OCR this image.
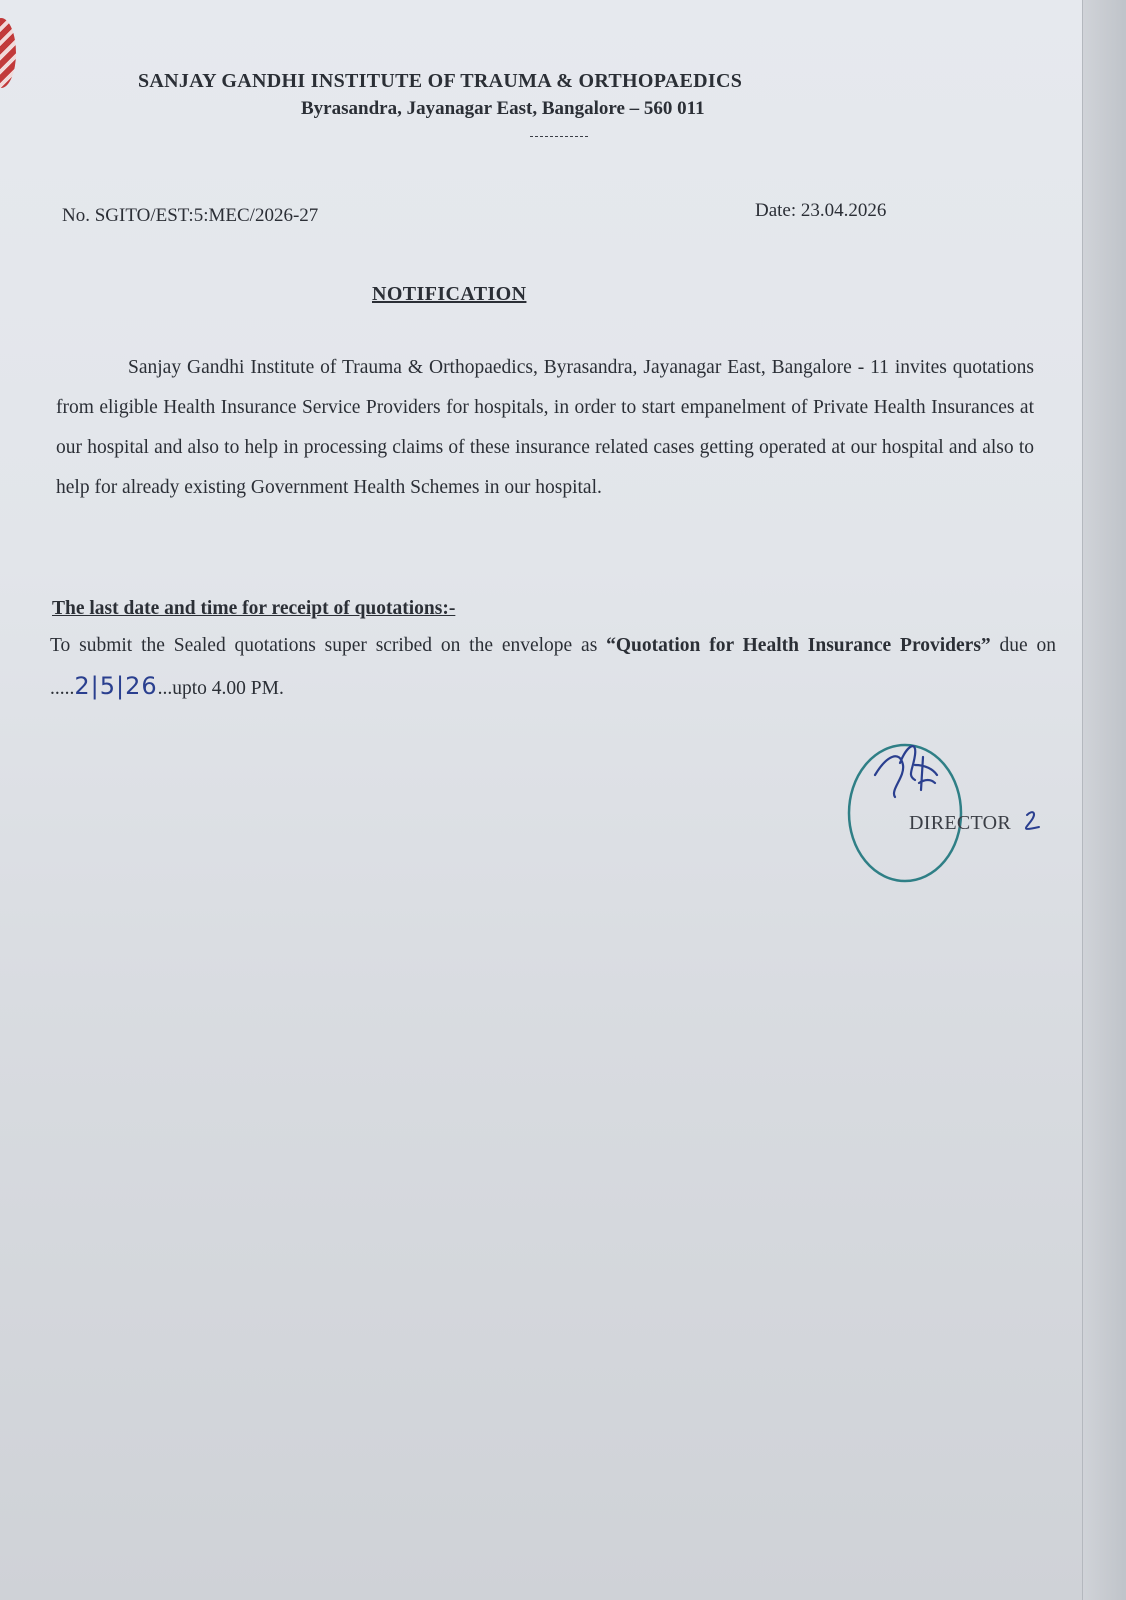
SANJAY GANDHI INSTITUTE OF TRAUMA & ORTHOPAEDICS
Byrasandra, Jayanagar East, Bangalore – 560 011
No. SGITO/EST:5:MEC/2026-27	Date: 23.04.2026
NOTIFICATION
Sanjay Gandhi Institute of Trauma & Orthopaedics, Byrasandra, Jayanagar East, Bangalore - 11 invites quotations from eligible Health Insurance Service Providers for hospitals, in order to start empanelment of Private Health Insurances at our hospital and also to help in processing claims of these insurance related cases getting operated at our hospital and also to help for already existing Government Health Schemes in our hospital.
The last date and time for receipt of quotations:-
To submit the Sealed quotations super scribed on the envelope as “Quotation for Health Insurance Providers” due on .....2|5|26...upto 4.00 PM.
DIRECTOR
